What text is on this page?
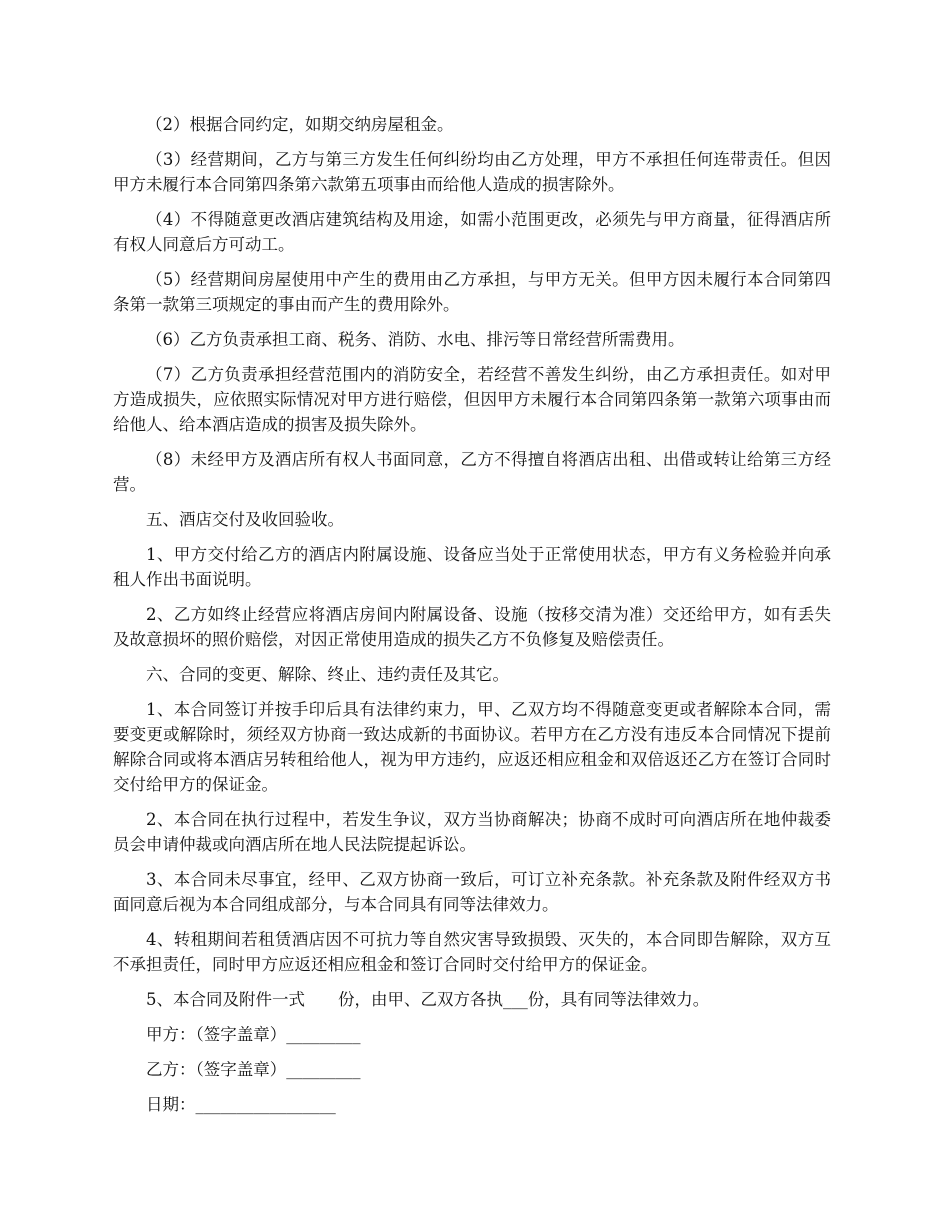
（2）根据合同约定，如期交纳房屋租金。

（3）经营期间，乙方与第三方发生任何纠纷均由乙方处理，甲方不承担任何连带责任。但因甲方未履行本合同第四条第六款第五项事由而给他人造成的损害除外。

（4）不得随意更改酒店建筑结构及用途，如需小范围更改，必须先与甲方商量，征得酒店所有权人同意后方可动工。

（5）经营期间房屋使用中产生的费用由乙方承担，与甲方无关。但甲方因未履行本合同第四条第一款第三项规定的事由而产生的费用除外。

（6）乙方负责承担工商、税务、消防、水电、排污等日常经营所需费用。

（7）乙方负责承担经营范围内的消防安全，若经营不善发生纠纷，由乙方承担责任。如对甲方造成损失，应依照实际情况对甲方进行赔偿，但因甲方未履行本合同第四条第一款第六项事由而给他人、给本酒店造成的损害及损失除外。

（8）未经甲方及酒店所有权人书面同意，乙方不得擅自将酒店出租、出借或转让给第三方经营。

五、酒店交付及收回验收。

1、甲方交付给乙方的酒店内附属设施、设备应当处于正常使用状态，甲方有义务检验并向承租人作出书面说明。

2、乙方如终止经营应将酒店房间内附属设备、设施（按移交清为准）交还给甲方，如有丢失及故意损坏的照价赔偿，对因正常使用造成的损失乙方不负修复及赔偿责任。

六、合同的变更、解除、终止、违约责任及其它。

1、本合同签订并按手印后具有法律约束力，甲、乙双方均不得随意变更或者解除本合同，需要变更或解除时，须经双方协商一致达成新的书面协议。若甲方在乙方没有违反本合同情况下提前解除合同或将本酒店另转租给他人，视为甲方违约，应返还相应租金和双倍返还乙方在签订合同时交付给甲方的保证金。

2、本合同在执行过程中，若发生争议，双方当协商解决；协商不成时可向酒店所在地仲裁委员会申请仲裁或向酒店所在地人民法院提起诉讼。

3、本合同未尽事宜，经甲、乙双方协商一致后，可订立补充条款。补充条款及附件经双方书面同意后视为本合同组成部分，与本合同具有同等法律效力。

4、转租期间若租赁酒店因不可抗力等自然灾害导致损毁、灭失的，本合同即告解除，双方互不承担责任，同时甲方应返还相应租金和签订合同时交付给甲方的保证金。

5、本合同及附件一式　　份，由甲、乙双方各执___份，具有同等法律效力。

甲方：（签字盖章）_________

乙方：（签字盖章）_________

日期：_________________
